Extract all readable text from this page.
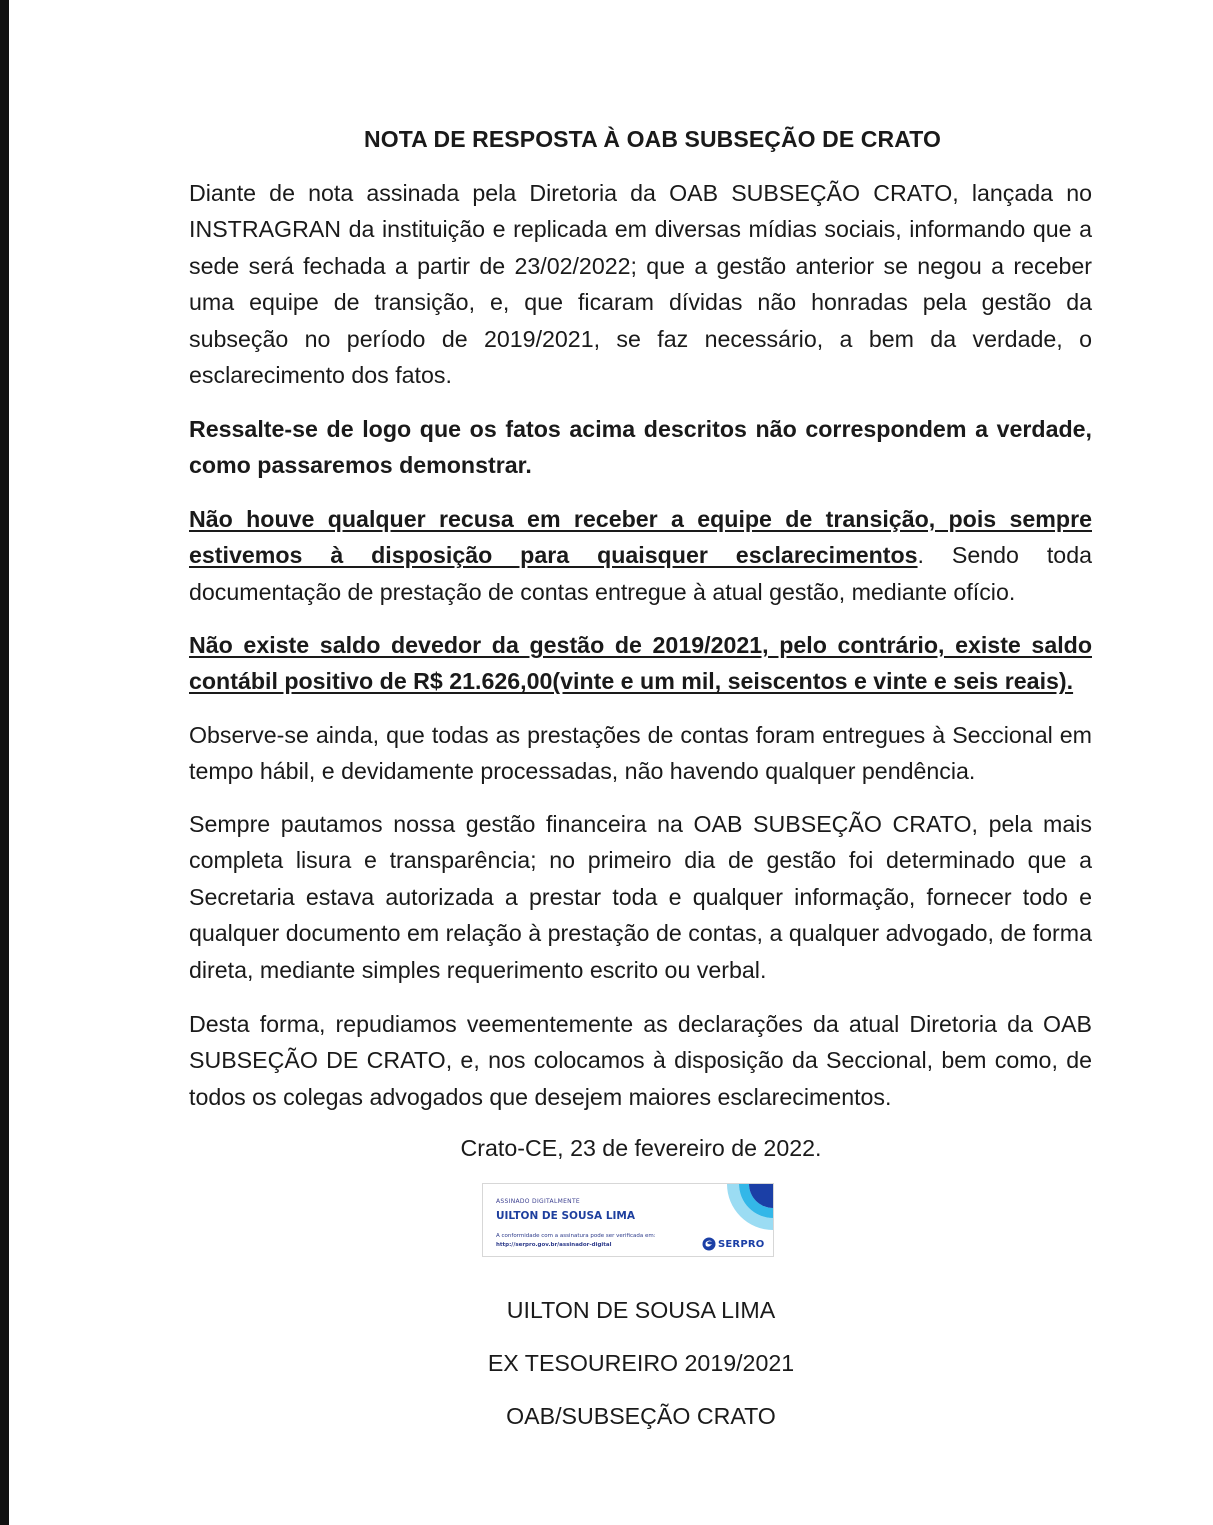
NOTA DE RESPOSTA À OAB SUBSEÇÃO DE CRATO

Diante de nota assinada pela Diretoria da OAB SUBSEÇÃO CRATO, lançada no INSTRAGRAN da instituição e replicada em diversas mídias sociais, informando que a sede será fechada a partir de 23/02/2022; que a gestão anterior se negou a receber uma equipe de transição, e, que ficaram dívidas não honradas pela gestão da subseção no período de 2019/2021, se faz necessário, a bem da verdade, o esclarecimento dos fatos.

Ressalte-se de logo que os fatos acima descritos não correspondem a verdade, como passaremos demonstrar.

Não houve qualquer recusa em receber a equipe de transição, pois sempre estivemos à disposição para quaisquer esclarecimentos. Sendo toda documentação de prestação de contas entregue à atual gestão, mediante ofício.

Não existe saldo devedor da gestão de 2019/2021, pelo contrário, existe saldo contábil positivo de R$ 21.626,00(vinte e um mil, seiscentos e vinte e seis reais).

Observe-se ainda, que todas as prestações de contas foram entregues à Seccional em tempo hábil, e devidamente processadas, não havendo qualquer pendência.

Sempre pautamos nossa gestão financeira na OAB SUBSEÇÃO CRATO, pela mais completa lisura e transparência; no primeiro dia de gestão foi determinado que a Secretaria estava autorizada a prestar toda e qualquer informação, fornecer todo e qualquer documento em relação à prestação de contas, a qualquer advogado, de forma direta, mediante simples requerimento escrito ou verbal.

Desta forma, repudiamos veementemente as declarações da atual Diretoria da OAB SUBSEÇÃO DE CRATO, e, nos colocamos à disposição da Seccional, bem como, de todos os colegas advogados que desejem maiores esclarecimentos.

Crato-CE, 23 de fevereiro de 2022.
ASSINADO DIGITALMENTE
UILTON DE SOUSA LIMA
A conformidade com a assinatura pode ser verificada em:
http://serpro.gov.br/assinador-digital	SERPRO
UILTON DE SOUSA LIMA
EX TESOUREIRO 2019/2021
OAB/SUBSEÇÃO CRATO
